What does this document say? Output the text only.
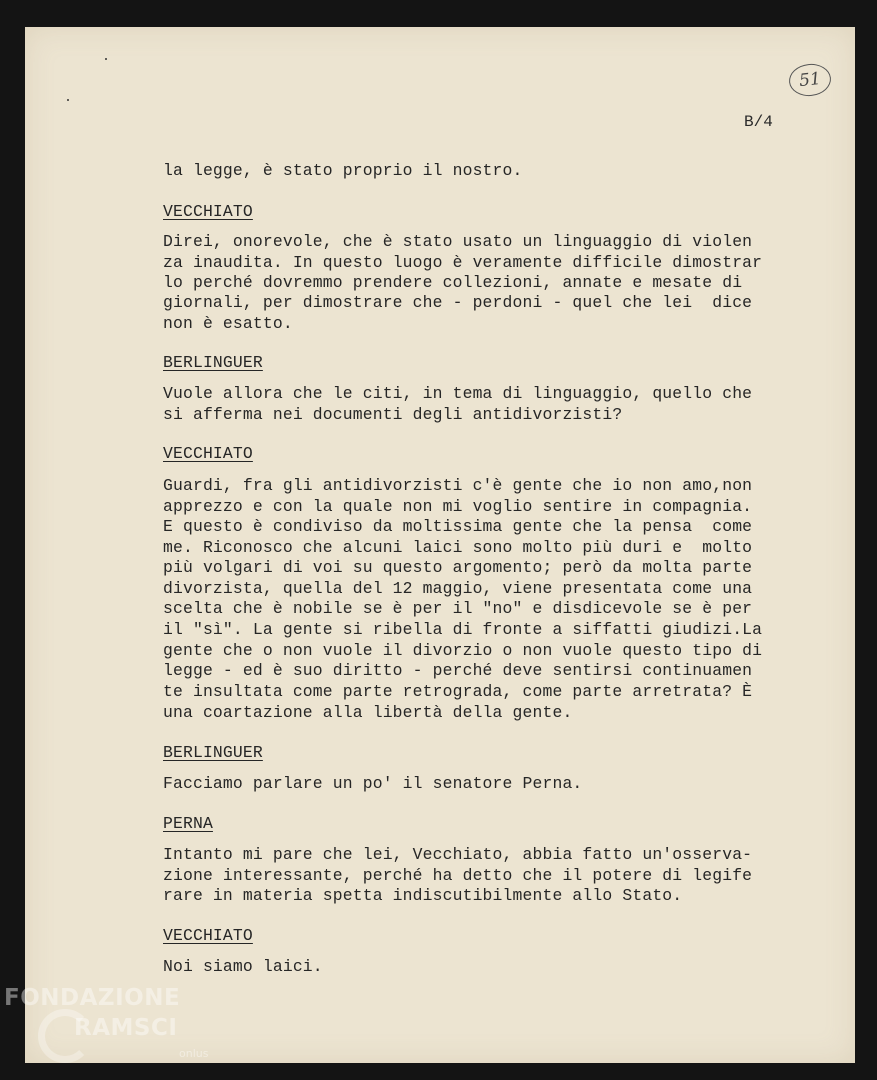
51
B/4
la legge, è stato proprio il nostro.
VECCHIATO
Direi, onorevole, che è stato usato un linguaggio di violen
za inaudita. In questo luogo è veramente difficile dimostrar
lo perché dovremmo prendere collezioni, annate e mesate di
giornali, per dimostrare che - perdoni - quel che lei  dice
non è esatto.
BERLINGUER
Vuole allora che le citi, in tema di linguaggio, quello che
si afferma nei documenti degli antidivorzisti?
VECCHIATO
Guardi, fra gli antidivorzisti c'è gente che io non amo,non
apprezzo e con la quale non mi voglio sentire in compagnia.
E questo è condiviso da moltissima gente che la pensa  come
me. Riconosco che alcuni laici sono molto più duri e  molto
più volgari di voi su questo argomento; però da molta parte
divorzista, quella del 12 maggio, viene presentata come una
scelta che è nobile se è per il "no" e disdicevole se è per
il "sì". La gente si ribella di fronte a siffatti giudizi.La
gente che o non vuole il divorzio o non vuole questo tipo di
legge - ed è suo diritto - perché deve sentirsi continuamen
te insultata come parte retrograda, come parte arretrata? È
una coartazione alla libertà della gente.
BERLINGUER
Facciamo parlare un po' il senatore Perna.
PERNA
Intanto mi pare che lei, Vecchiato, abbia fatto un'osserva-
zione interessante, perché ha detto che il potere di legife
rare in materia spetta indiscutibilmente allo Stato.
VECCHIATO
Noi siamo laici.
FONDAZIONE
RAMSCI
onlus
